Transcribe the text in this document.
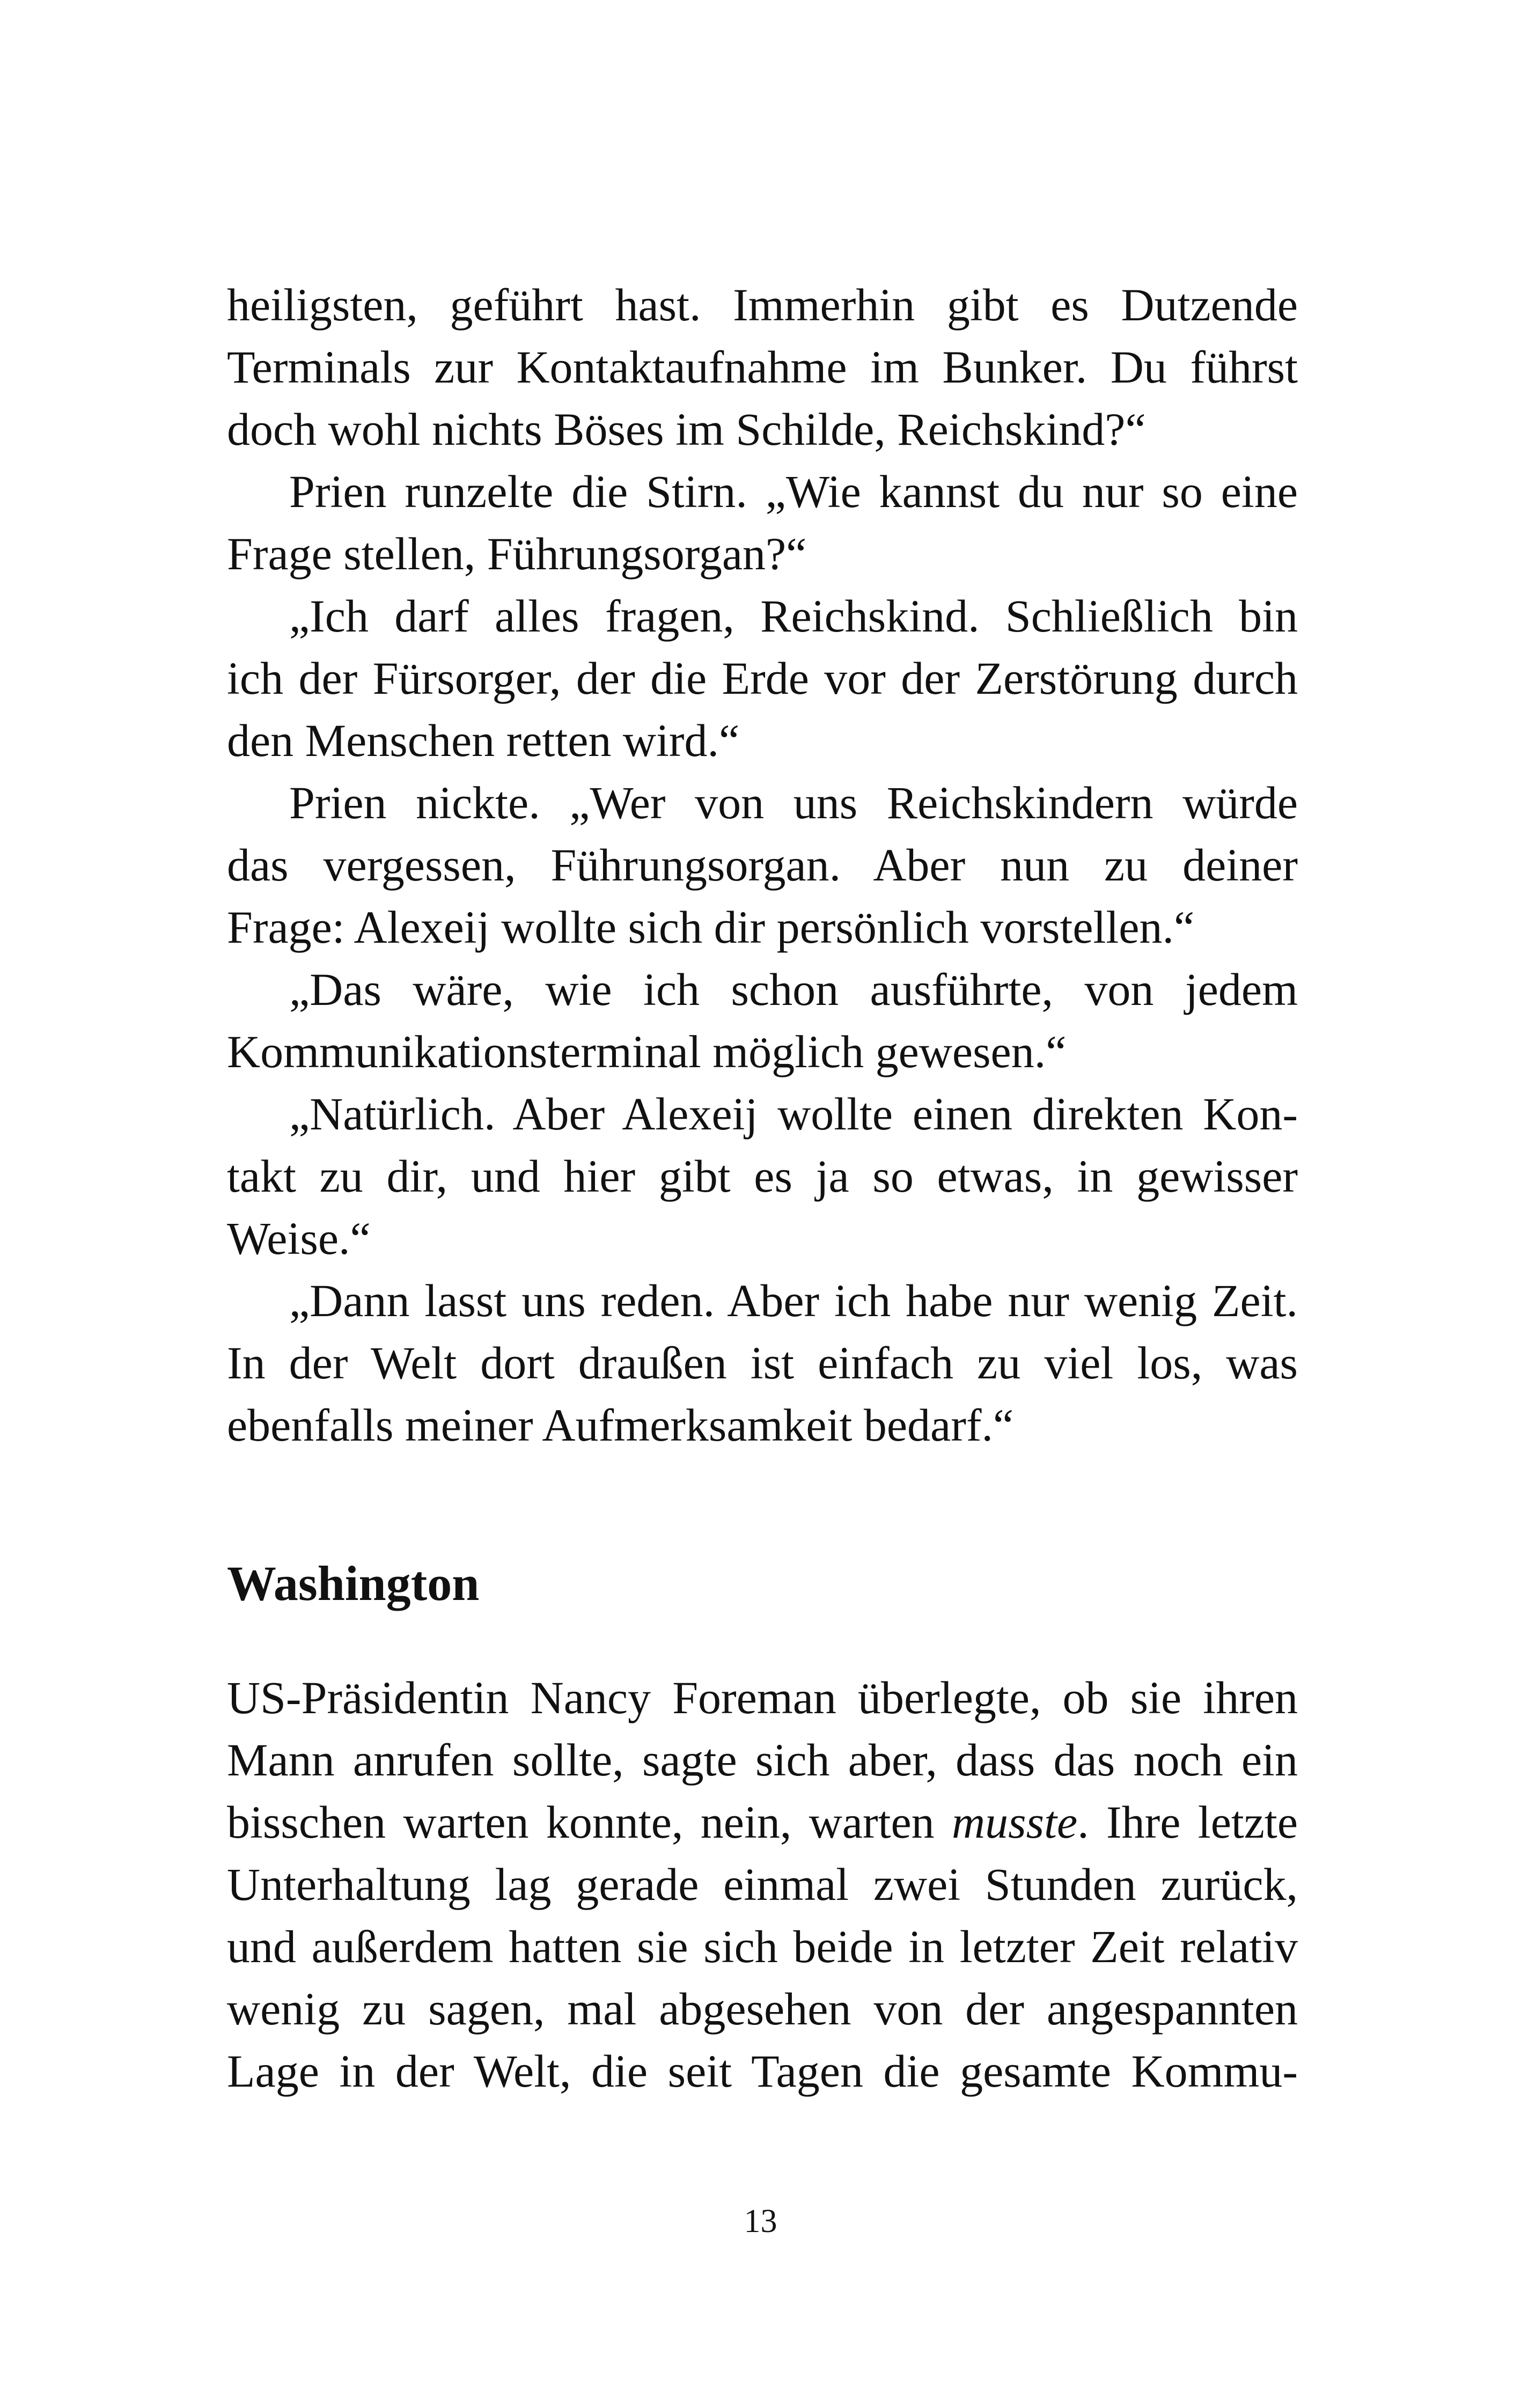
heiligsten, geführt hast. Immerhin gibt es Dutzende
Terminals zur Kontaktaufnahme im Bunker. Du führst
doch wohl nichts Böses im Schilde, Reichskind?“
Prien runzelte die Stirn. „Wie kannst du nur so eine
Frage stellen, Führungsorgan?“
„Ich darf alles fragen, Reichskind. Schließlich bin
ich der Fürsorger, der die Erde vor der Zerstörung durch
den Menschen retten wird.“
Prien nickte. „Wer von uns Reichskindern würde
das vergessen, Führungsorgan. Aber nun zu deiner
Frage: Alexeij wollte sich dir persönlich vorstellen.“
„Das wäre, wie ich schon ausführte, von jedem
Kommunikationsterminal möglich gewesen.“
„Natürlich. Aber Alexeij wollte einen direkten Kon-
takt zu dir, und hier gibt es ja so etwas, in gewisser
Weise.“
„Dann lasst uns reden. Aber ich habe nur wenig Zeit.
In der Welt dort draußen ist einfach zu viel los, was
ebenfalls meiner Aufmerksamkeit bedarf.“
Washington
US-Präsidentin Nancy Foreman überlegte, ob sie ihren
Mann anrufen sollte, sagte sich aber, dass das noch ein
bisschen warten konnte, nein, warten musste. Ihre letzte
Unterhaltung lag gerade einmal zwei Stunden zurück,
und außerdem hatten sie sich beide in letzter Zeit relativ
wenig zu sagen, mal abgesehen von der angespannten
Lage in der Welt, die seit Tagen die gesamte Kommu-
13
